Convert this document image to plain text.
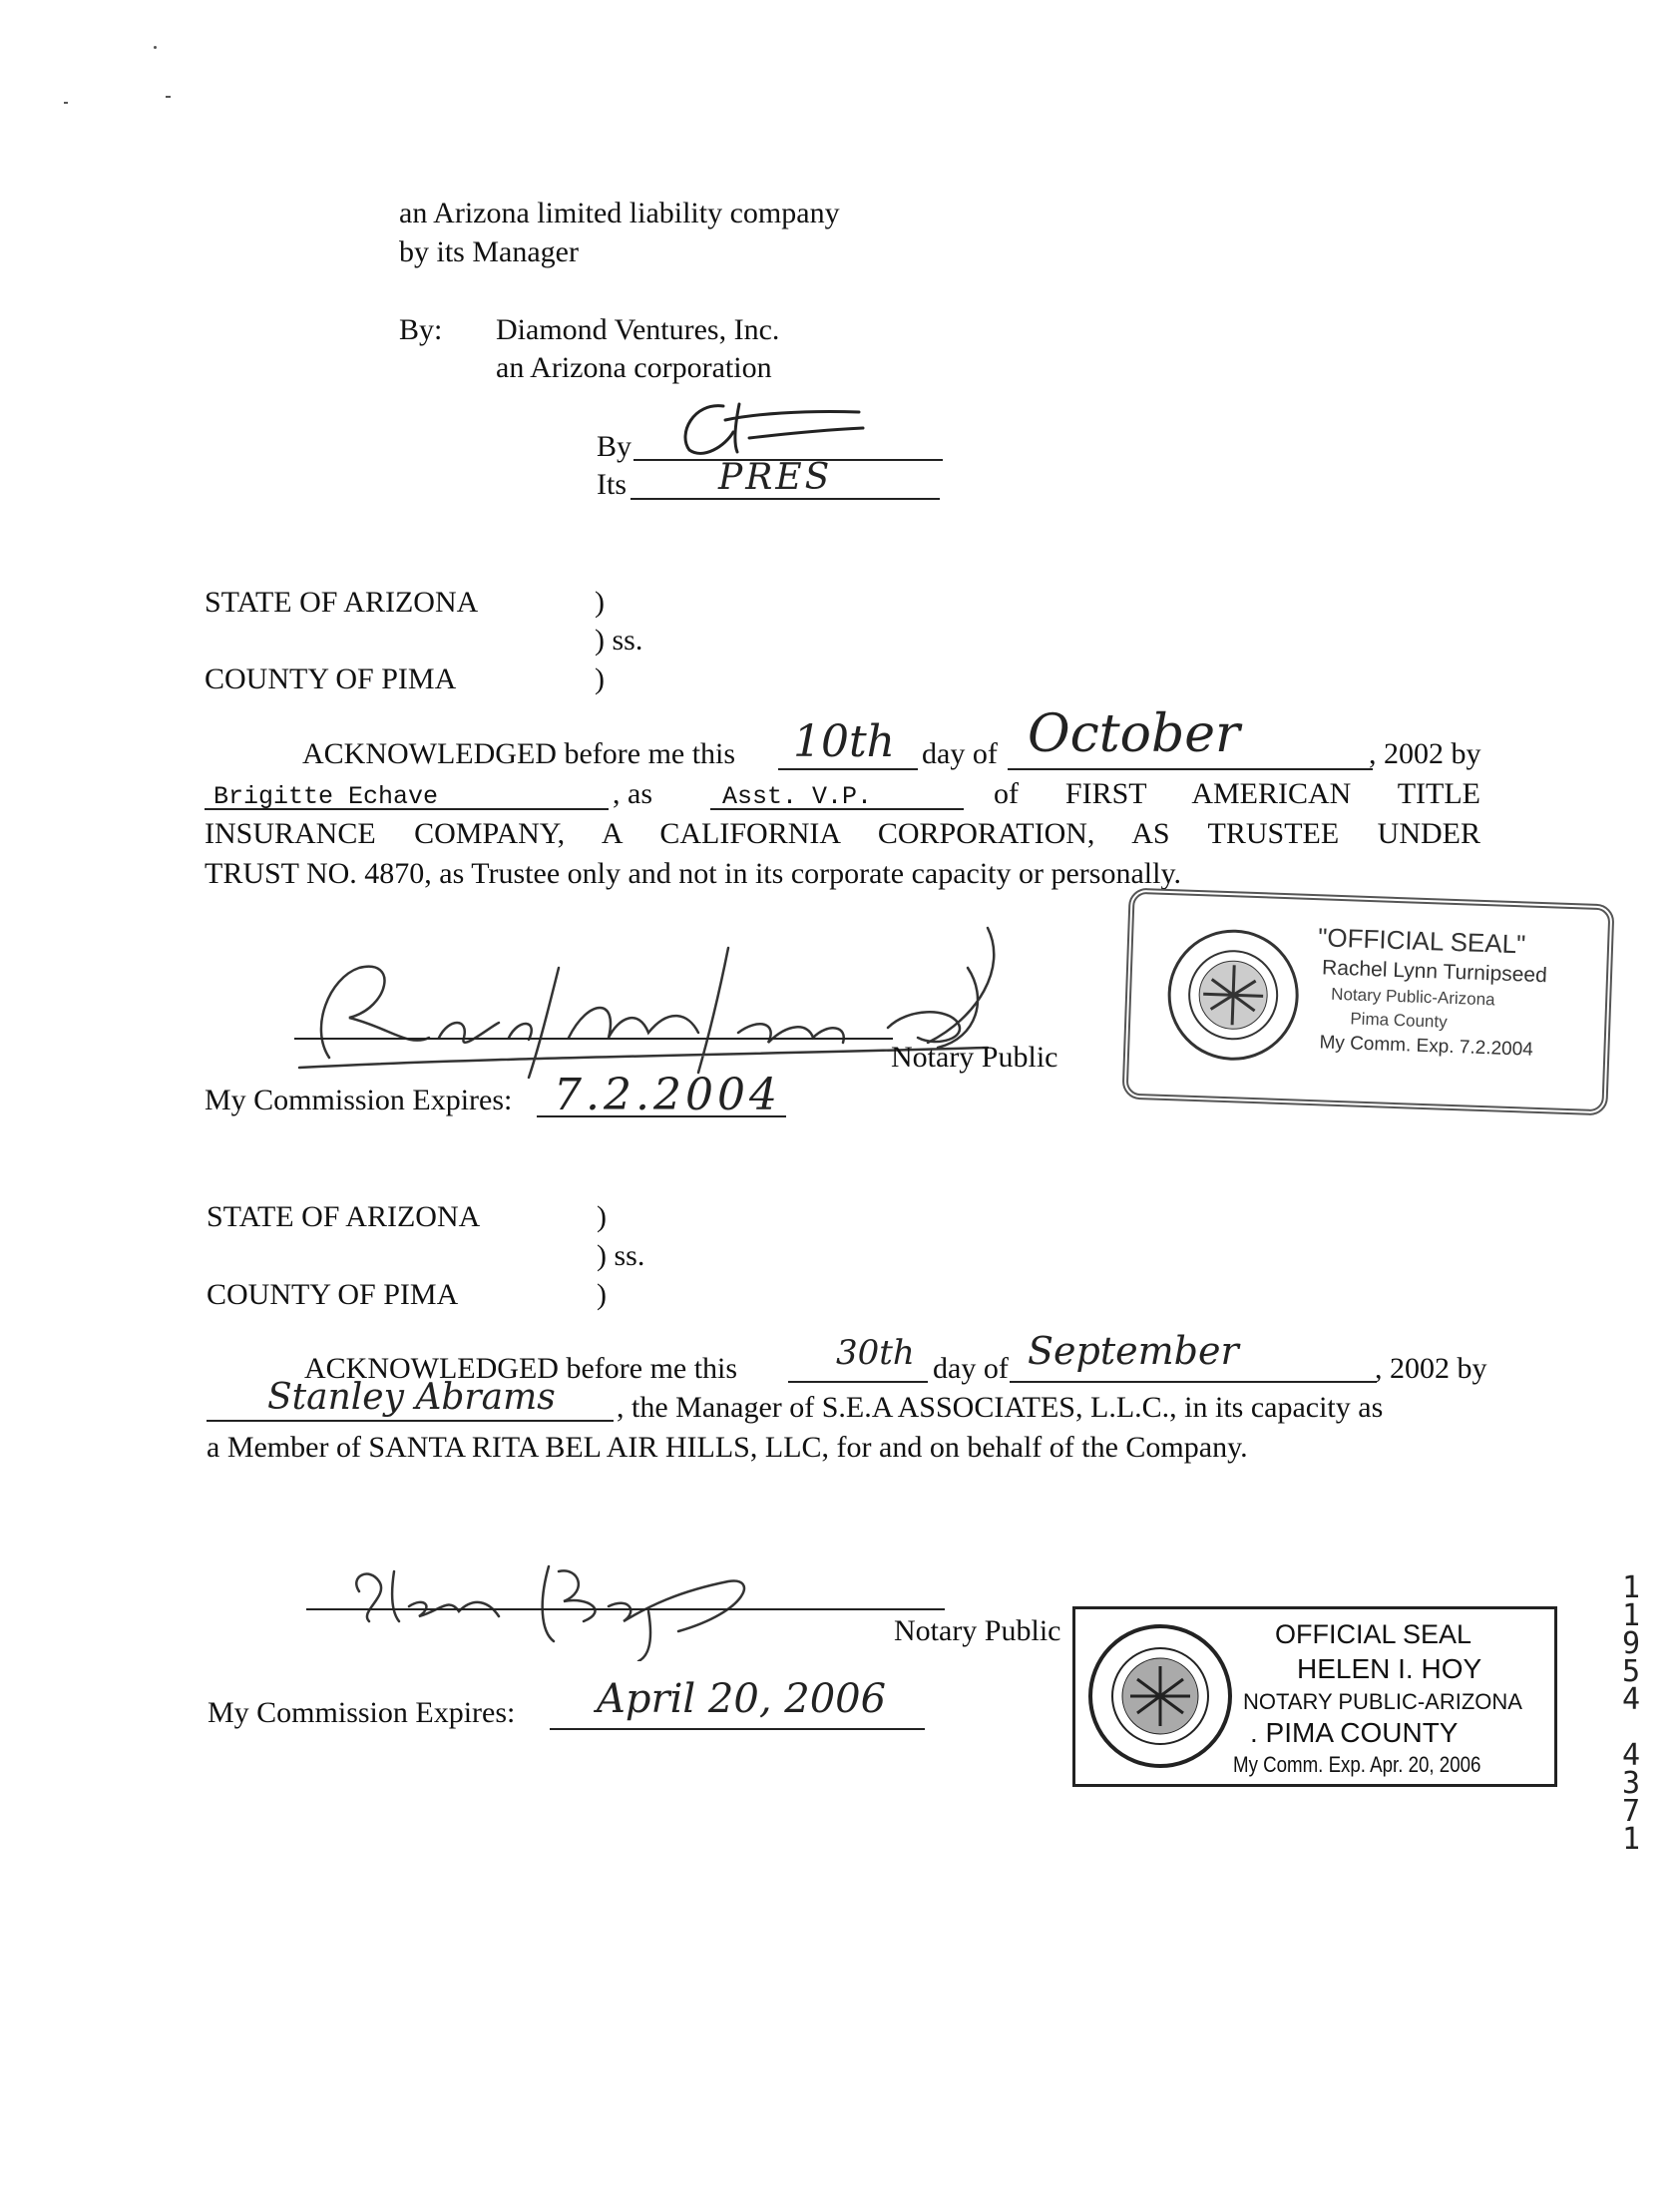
an Arizona limited liability company
by its Manager
By: Diamond Ventures, Inc.
an Arizona corporation
By
Its	PRES
STATE OF ARIZONA	)
) ss.
COUNTY OF PIMA	)
ACKNOWLEDGED before me this 10th day of October	, 2002 by
Brigitte Echave	, as	Asst. V.P.	of FIRST AMERICAN TITLE
INSURANCE COMPANY, A CALIFORNIA CORPORATION, AS TRUSTEE UNDER
TRUST NO. 4870, as Trustee only and not in its corporate capacity or personally.
Notary Public
My Commission Expires: 7.2.2004
"OFFICIAL SEAL"
Rachel Lynn Turnipseed
Notary Public-Arizona
Pima County
My Comm. Exp. 7.2.2004
STATE OF ARIZONA	)
) ss.
COUNTY OF PIMA	)
ACKNOWLEDGED before me this	30th day of September	, 2002 by
Stanley Abrams , the Manager of S.E.A ASSOCIATES, L.L.C., in its capacity as
a Member of SANTA RITA BEL AIR HILLS, LLC, for and on behalf of the Company.
Notary Public
My Commission Expires: April 20, 2006
OFFICIAL SEAL
HELEN I. HOY
NOTARY PUBLIC-ARIZONA
. PIMA COUNTY
My Comm. Exp. Apr. 20, 2006
1
1
9
5
4
4
3
7
1
